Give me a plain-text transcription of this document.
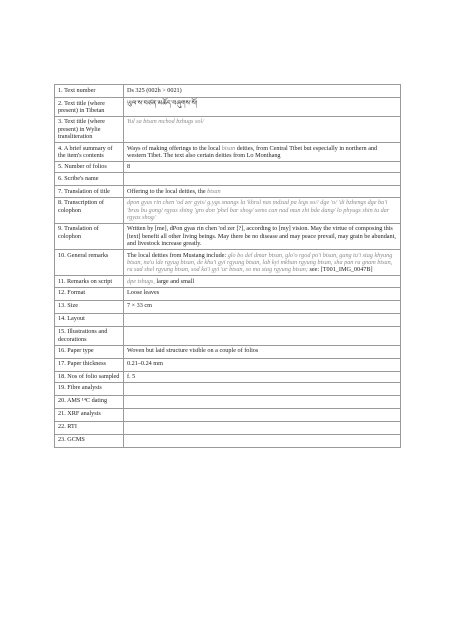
1. Text number	Ds 325 (002h > 0021)
2. Text title (where present) in Tibetan	ཡུལ་ས་བཙན་མཆོད་བཞུགས་སོ།
3. Text title (where present) in Wylie transliteration	Yul sa btsan mchod bzhugs sol/
4. A brief summary of the item's contents	Ways of making offerings to the local btsan deities, from Central Tibet but especially in northern and western Tibet. The text also certain deities from Lo Monthang
5. Number of folios	8
6. Scribe's name	
7. Translation of title	Offering to the local deities, the btsan
8. Transcription of colophon	dpon gyas rin chen 'od zer gyis/ g.ygs snangs la 'khrul nas mdzad pa legs so// dge 'o/ 'di bzhengs dge ba'i 'bras bu gong/ rgyas shing 'gro don 'phel bar shog/ sems can nad mun zhi bde dang/ lo phyugs shin tu dar rgyas shog/
9. Translation of colophon	Written by [me], dPon gyas rin chen 'od zer [?], according to [my] vision. May the virtue of composing this [text] benefit all other living beings. May there be no disease and may peace prevail, may grain be abundant, and livestock increase greatly.
10. General remarks	The local deities from Mustang include: glo bo del dmar btsan, glo'o rgod po'i btsan, gang tu'i stag khyung btsan, na'u lde rgyug btsan, de khu'i gyi rgyung btsan, lab kyi mkhan rgyung btsan, sha pan ra gnam btsan, ru sad shel rgyung btsan, sod ka'i gyi 'ur btsan, so ma stag rgyung btsan; see: [T001_IMG_0047B]
11. Remarks on script	dpe tshugs, large and small
12. Format	Loose leaves
13. Size	7 × 33 cm
14. Layout	
15. Illustrations and decorations	
16. Paper type	Woven but laid structure visible on a couple of folios
17. Paper thickness	0.21–0.24 mm
18. Nos of folio sampled	f. 5
19. Fibre analysis	
20. AMS ¹⁴C dating	
21. XRF analysis	
22. RTI	
23. GCMS	
